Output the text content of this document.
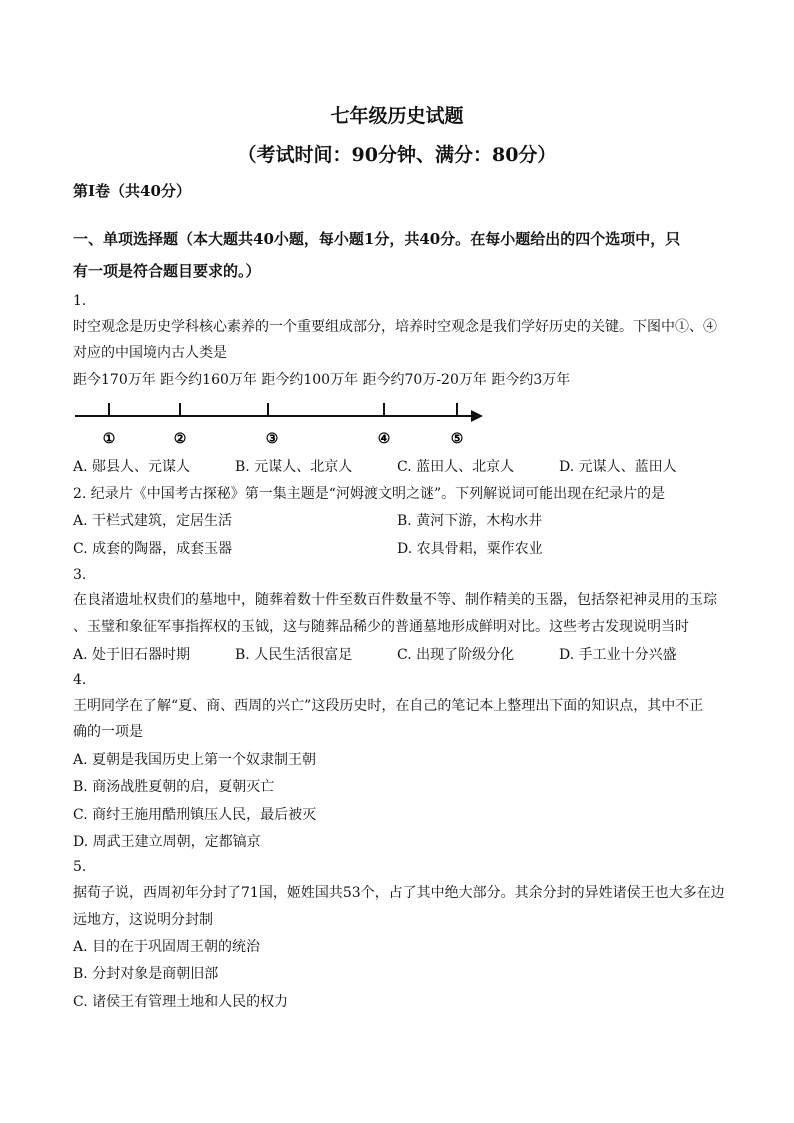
七年级历史试题
（考试时间：90分钟、满分：80分）
第Ⅰ卷（共40分）
一、单项选择题（本大题共40小题，每小题1分，共40分。在每小题给出的四个选项中，只
有一项是符合题目要求的。）
1.
时空观念是历史学科核心素养的一个重要组成部分，培养时空观念是我们学好历史的关键。下图中①、④
对应的中国境内古人类是
距今170万年 距今约160万年 距今约100万年 距今约70万-20万年 距今约3万年
①	②	③	④	⑤
A. 郧县人、元谋人	B. 元谋人、北京人	C. 蓝田人、北京人	D. 元谋人、蓝田人
2. 纪录片《中国考古探秘》第一集主题是“河姆渡文明之谜”。下列解说词可能出现在纪录片的是
A. 干栏式建筑，定居生活	B. 黄河下游，木构水井
C. 成套的陶器，成套玉器	D. 农具骨耜，粟作农业
3.
在良渚遗址权贵们的墓地中，随葬着数十件至数百件数量不等、制作精美的玉器，包括祭祀神灵用的玉琮
、玉璧和象征军事指挥权的玉钺，这与随葬品稀少的普通墓地形成鲜明对比。这些考古发现说明当时
A. 处于旧石器时期	B. 人民生活很富足	C. 出现了阶级分化	D. 手工业十分兴盛
4.
王明同学在了解“夏、商、西周的兴亡”这段历史时，在自己的笔记本上整理出下面的知识点，其中不正
确的一项是
A. 夏朝是我国历史上第一个奴隶制王朝
B. 商汤战胜夏朝的启，夏朝灭亡
C. 商纣王施用酷刑镇压人民，最后被灭
D. 周武王建立周朝，定都镐京
5.
据荀子说，西周初年分封了71国，姬姓国共53个，占了其中绝大部分。其余分封的异姓诸侯王也大多在边
远地方，这说明分封制
A. 目的在于巩固周王朝的统治
B. 分封对象是商朝旧部
C. 诸侯王有管理土地和人民的权力
